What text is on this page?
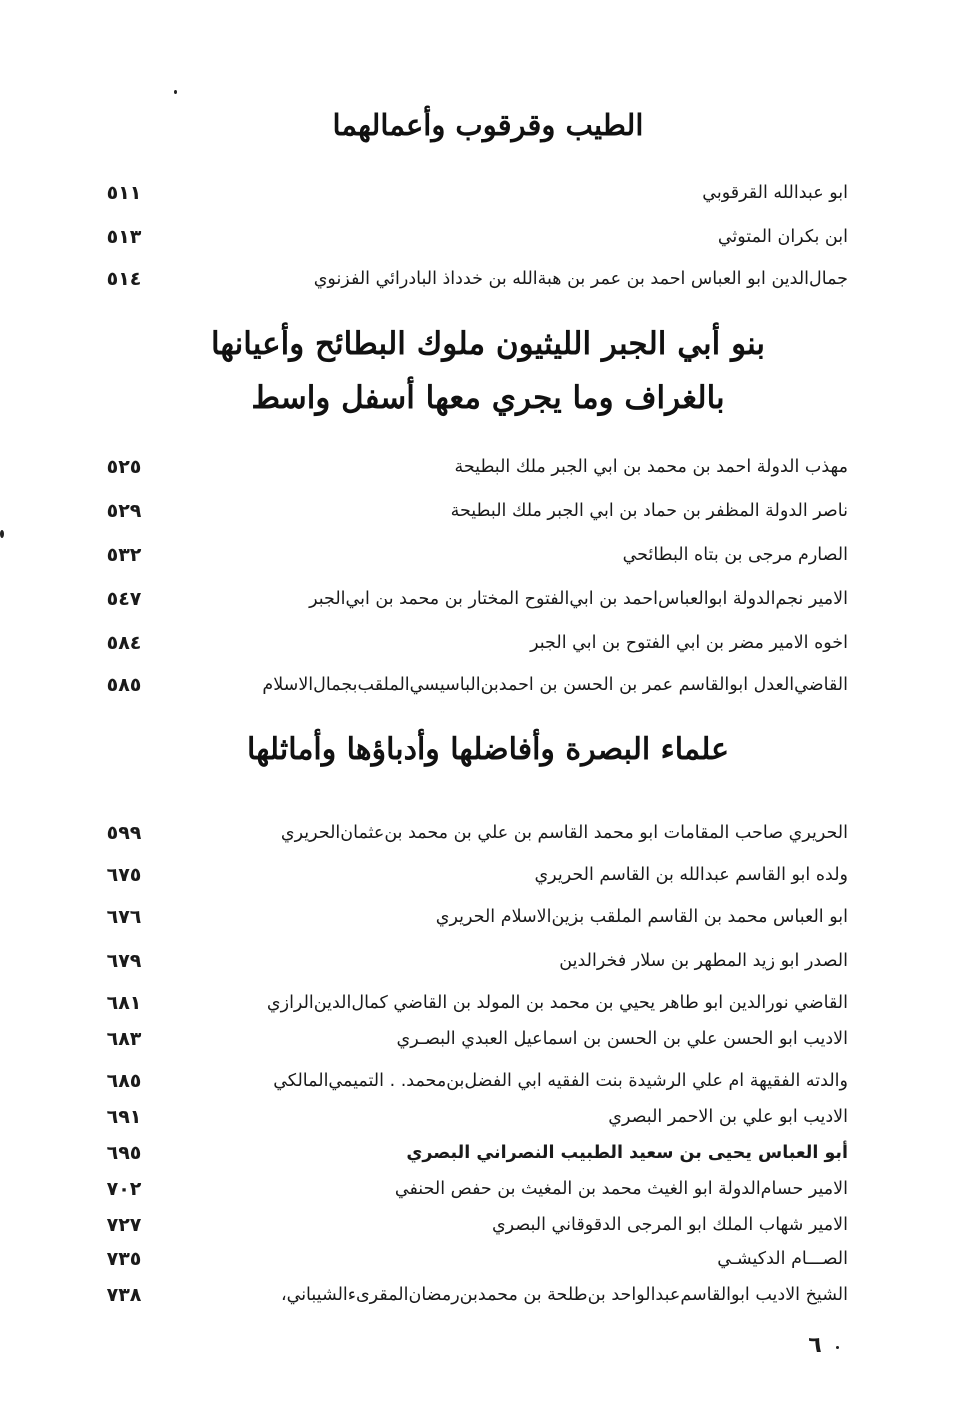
الطيب وقرقوب وأعمالهما
ابو عبدالله القرقوبي
٥١١
ابن بكران المتوثي
٥١٣
جمال‌الدين ابو العباس احمد بن عمر بن هبةالله بن خدداذ البادرائي الفزنوي
٥١٤
بنو أبي الجبر الليثيون ملوك البطائح وأعيانها
بالغراف وما يجري معها أسفل واسط
مهذب الدولة احمد بن محمد بن ابي الجبر ملك البطيحة
٥٢٥
ناصر الدولة المظفر بن حماد بن ابي الجبر ملك البطيحة
٥٢٩
الصارم مرجى بن بتاه البطائحي
٥٣٢
الامير نجم‌الدولة ابوالعباس‌احمد بن ابي‌الفتوح المختار بن محمد بن ابي‌الجبر
٥٤٧
اخوه الامير مضر بن ابي الفتوح بن ابي الجبر
٥٨٤
القاضي‌العدل ابوالقاسم عمر بن الحسن بن احمدبن‌الباسيسي‌الملقب‌بجمال‌الاسلام
٥٨٥
علماء البصرة وأفاضلها وأدباؤها وأماثلها
الحريري صاحب المقامات ابو محمد القاسم بن علي بن محمد بن‌عثمان‌الحريري
٥٩٩
ولده ابو القاسم عبدالله بن القاسم الحريري
٦٧٥
ابو العباس محمد بن القاسم الملقب بزين‌الاسلام الحريري
٦٧٦
الصدر ابو زيد المطهر بن سلار فخرالدين
٦٧٩
القاضي نورالدين ابو طاهر يحيي بن محمد بن المولد بن القاضي كمال‌الدين‌الرازي
٦٨١
الاديب ابو الحسن علي بن الحسن بن اسماعيل العبدي البصـري
٦٨٣
والدته الفقيهة ام علي الرشيدة بنت الفقيه ابي الفضل‌بن‌محمد. . التميمي‌المالكي
٦٨٥
الاديب ابو علي بن الاحمر البصري
٦٩١
أبو العباس يحيى بن سعيد الطبيب النصراني البصري
٦٩٥
الامير حسام‌الدولة ابو الغيث محمد بن المغيث بن حفص الحنفي
٧٠٢
الامير شهاب الملك ابو المرجى الدقوقاني البصري
٧٢٧
الصـــام الدكيشـي
٧٣٥
الشيخ الاديب ابوالقاسم‌عبدالواحد بن‌طلحة بن محمدبن‌رمضان‌المقرىء‌الشيباني،
٧٣٨
٦
